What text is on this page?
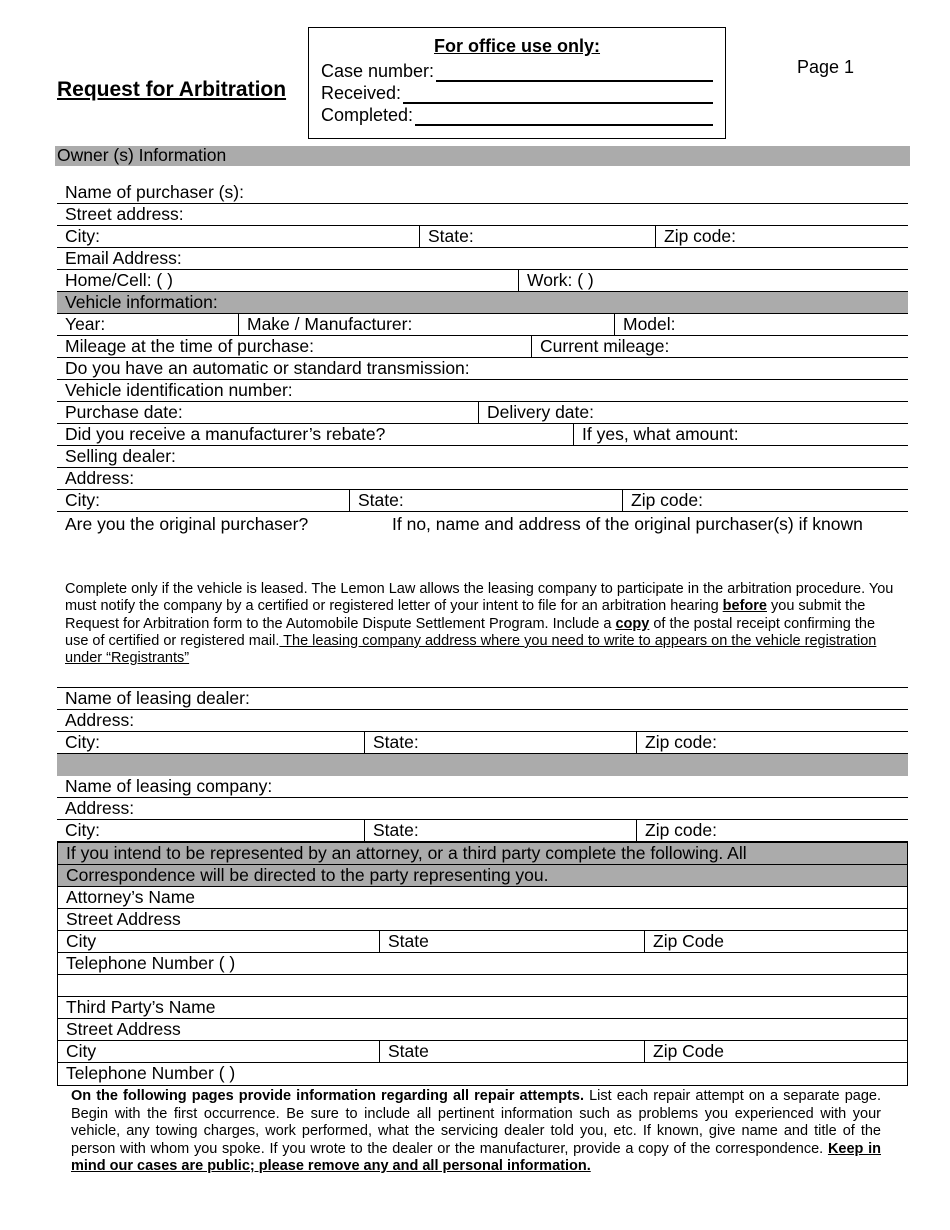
Request for Arbitration
Page 1
For office use only:
Case number:
Received:
Completed:
Owner (s) Information
Name of purchaser (s):
Street address:
City:	State:	Zip code:
Email Address:
Home/Cell: ( )	Work: ( )
Vehicle information:
Year:	Make / Manufacturer:	Model:
Mileage at the time of purchase:	Current mileage:
Do you have an automatic or standard transmission:
Vehicle identification number:
Purchase date:	Delivery date:
Did you receive a manufacturer’s rebate?	If yes, what amount:
Selling dealer:
Address:
City:	State:	Zip code:
Are you the original purchaser?	If no, name and address of the original purchaser(s) if known
Complete only if the vehicle is leased. The Lemon Law allows the leasing company to participate in the arbitration procedure. You must notify the company by a certified or registered letter of your intent to file for an arbitration hearing before you submit the Request for Arbitration form to the Automobile Dispute Settlement Program. Include a copy of the postal receipt confirming the use of certified or registered mail. The leasing company address where you need to write to appears on the vehicle registration under “Registrants”
Name of leasing dealer:
Address:
City:	State:	Zip code:
Name of leasing company:
Address:
City:	State:	Zip code:
If you intend to be represented by an attorney, or a third party complete the following. All
Correspondence will be directed to the party representing you.
Attorney’s Name
Street Address
City	State	Zip Code
Telephone Number ( )
Third Party’s Name
Street Address
City	State	Zip Code
Telephone Number ( )
On the following pages provide information regarding all repair attempts. List each repair attempt on a separate page. Begin with the first occurrence. Be sure to include all pertinent information such as problems you experienced with your vehicle, any towing charges, work performed, what the servicing dealer told you, etc. If known, give name and title of the person with whom you spoke. If you wrote to the dealer or the manufacturer, provide a copy of the correspondence. Keep in mind our cases are public; please remove any and all personal information.
